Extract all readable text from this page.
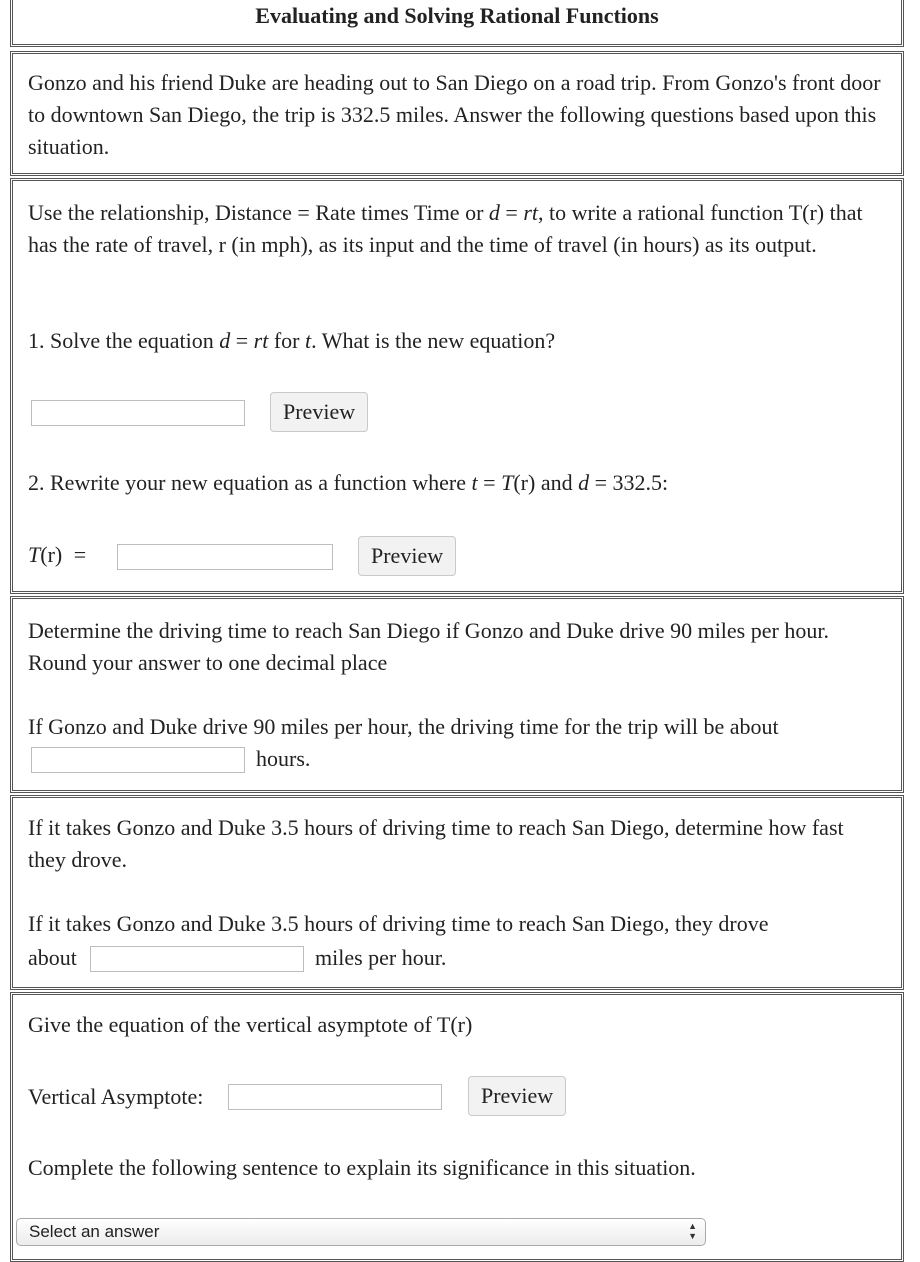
Evaluating and Solving Rational Functions

Gonzo and his friend Duke are heading out to San Diego on a road trip. From Gonzo's front door to downtown San Diego, the trip is 332.5 miles. Answer the following questions based upon this situation.

Use the relationship, Distance = Rate times Time or d = rt, to write a rational function T(r) that has the rate of travel, r (in mph), as its input and the time of travel (in hours) as its output.

1. Solve the equation d = rt for t. What is the new equation?

Preview

2. Rewrite your new equation as a function where t = T(r) and d = 332.5:

T(r) =	Preview

Determine the driving time to reach San Diego if Gonzo and Duke drive 90 miles per hour. Round your answer to one decimal place

If Gonzo and Duke drive 90 miles per hour, the driving time for the trip will be about

hours.

If it takes Gonzo and Duke 3.5 hours of driving time to reach San Diego, determine how fast they drove.

If it takes Gonzo and Duke 3.5 hours of driving time to reach San Diego, they drove

about	miles per hour.

Give the equation of the vertical asymptote of T(r)

Vertical Asymptote:	Preview

Complete the following sentence to explain its significance in this situation.

Select an answer	▲
▼
